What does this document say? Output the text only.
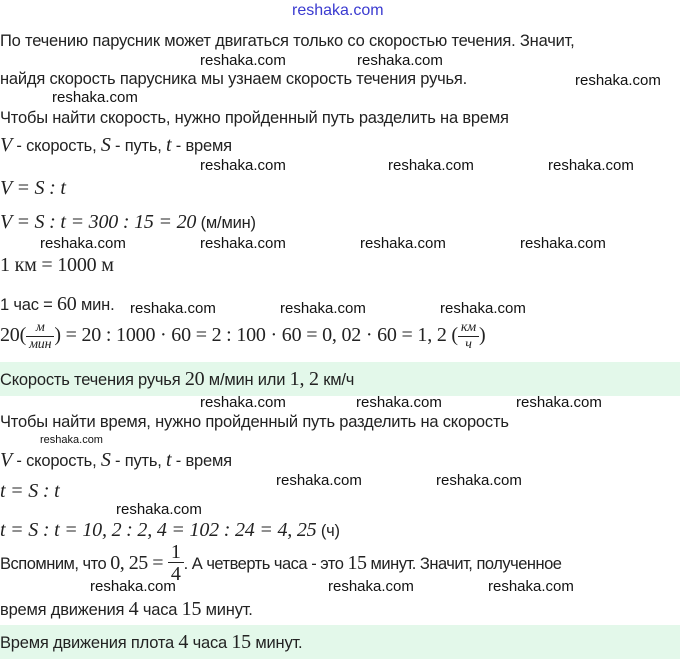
reshaka.com
По течению парусник может двигаться только со скоростью течения. Значит,
найдя скорость парусника мы узнаем скорость течения ручья.
Чтобы найти скорость, нужно пройденный путь разделить на время
V - скорость, S - путь, t - время
V = S : t
V = S : t = 300 : 15 = 20 (м/мин)
1 км = 1000 м
1 час = 60 мин.
$20( \frac{м}{\text{мин}}$ ) = 20 : 1000 · 60 = 2 : 100 · 60 = 0, 02 · 60 = 1, 2 ( $\frac{км}{ч}$ )
Скорость течения ручья 20 м/мин или 1, 2 км/ч
Чтобы найти время, нужно пройденный путь разделить на скорость
V - скорость, S - путь, t - время
t = S : t
t = S : t = 10, 2 : 2, 4 = 102 : 24 = 4, 25 (ч)
Вспомним, что 0, $25 = \frac{1}{4}$ . А четверть часа - это 15 минут. Значит, полученное
время движения 4 часа 15 минут.
Время движения плота 4 часа 15 минут.
reshaka.com	reshaka.com
reshaka.com
reshaka.com
reshaka.com	reshaka.com	reshaka.com
reshaka.com	reshaka.com	reshaka.com	reshaka.com
reshaka.com	reshaka.com	reshaka.com
reshaka.com	reshaka.com	reshaka.com
reshaka.com
reshaka.com	reshaka.com
reshaka.com
reshaka.com	reshaka.com	reshaka.com
